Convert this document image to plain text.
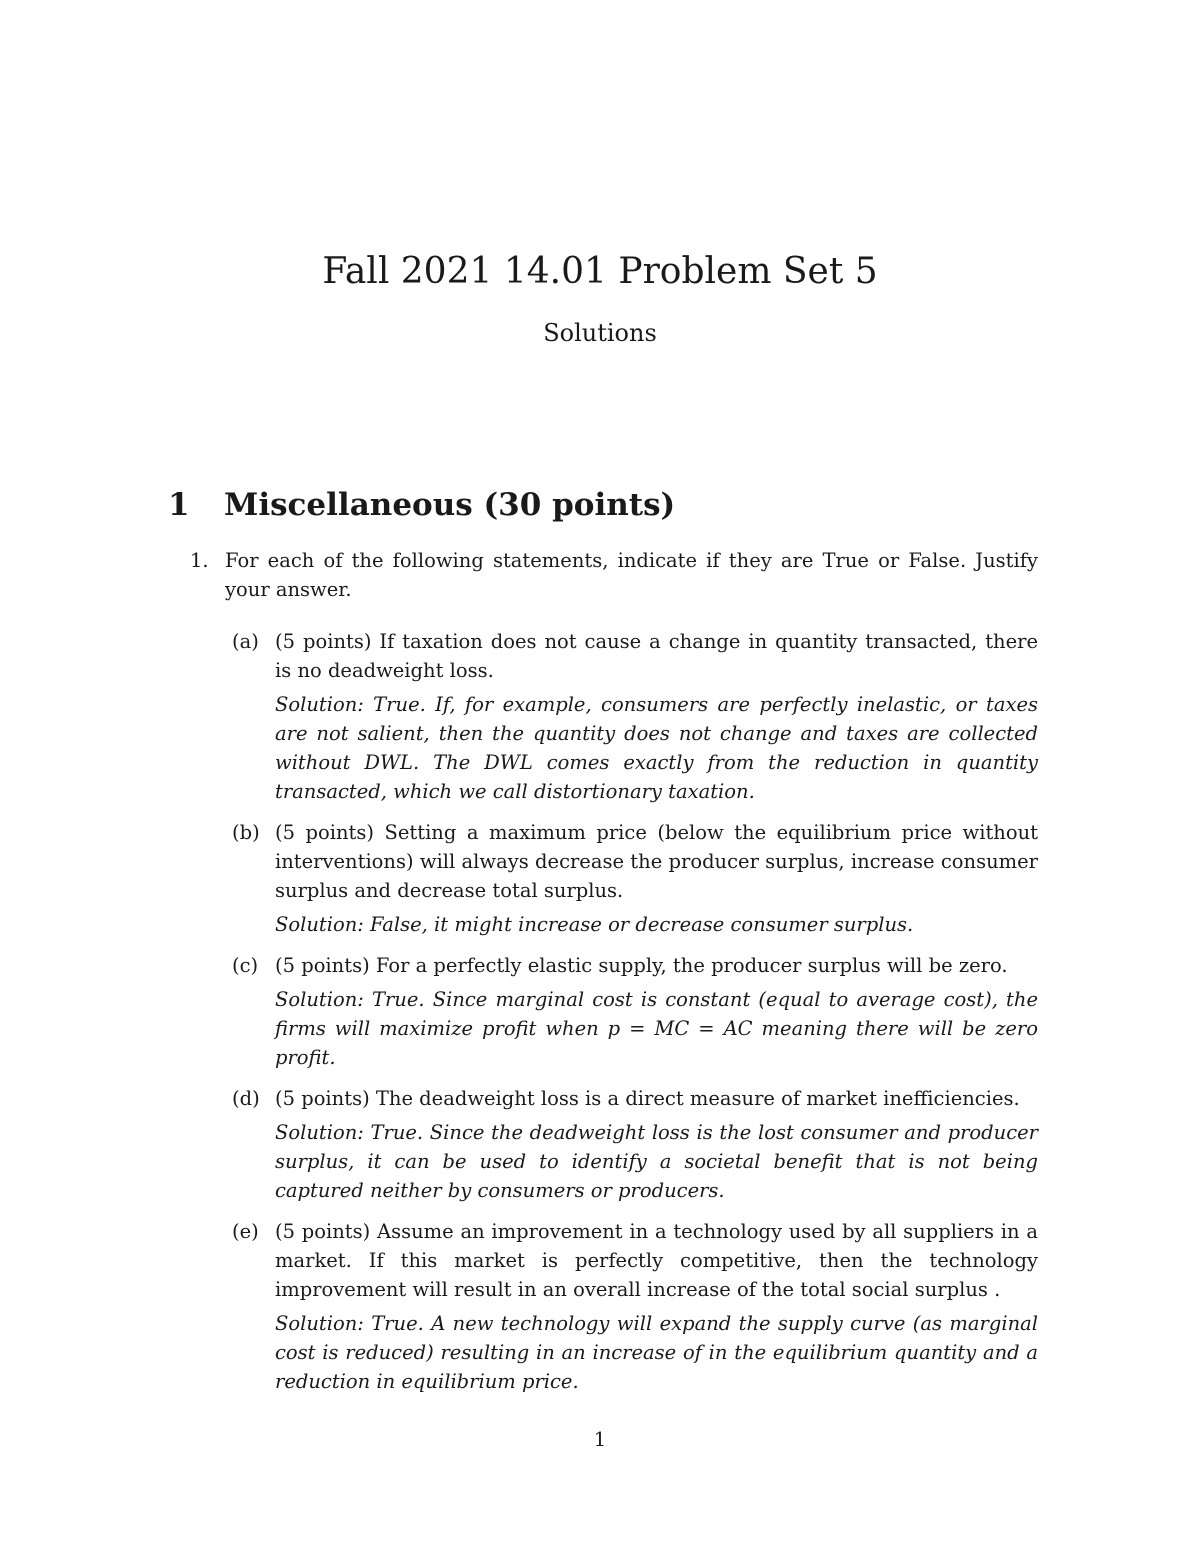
Fall 2021 14.01 Problem Set 5

Solutions

1 Miscellaneous (30 points)
1. For each of the following statements, indicate if they are True or False. Justify your answer.
(a) (5 points) If taxation does not cause a change in quantity transacted, there is no deadweight loss.

Solution: True. If, for example, consumers are perfectly inelastic, or taxes are not salient, then the quantity does not change and taxes are collected without DWL. The DWL comes exactly from the reduction in quantity transacted, which we call distortionary taxation.

(b) (5 points) Setting a maximum price (below the equilibrium price without interventions) will always decrease the producer surplus, increase consumer surplus and decrease total surplus.

Solution: False, it might increase or decrease consumer surplus.

(c) (5 points) For a perfectly elastic supply, the producer surplus will be zero.

Solution: True. Since marginal cost is constant (equal to average cost), the firms will maximize profit when p = MC = AC meaning there will be zero profit.

(d) (5 points) The deadweight loss is a direct measure of market inefficiencies.

Solution: True. Since the deadweight loss is the lost consumer and producer surplus, it can be used to identify a societal benefit that is not being captured neither by consumers or producers.

(e) (5 points) Assume an improvement in a technology used by all suppliers in a market. If this market is perfectly competitive, then the technology improvement will result in an overall increase of the total social surplus .

Solution: True. A new technology will expand the supply curve (as marginal cost is reduced) resulting in an increase of in the equilibrium quantity and a reduction in equilibrium price.

1
